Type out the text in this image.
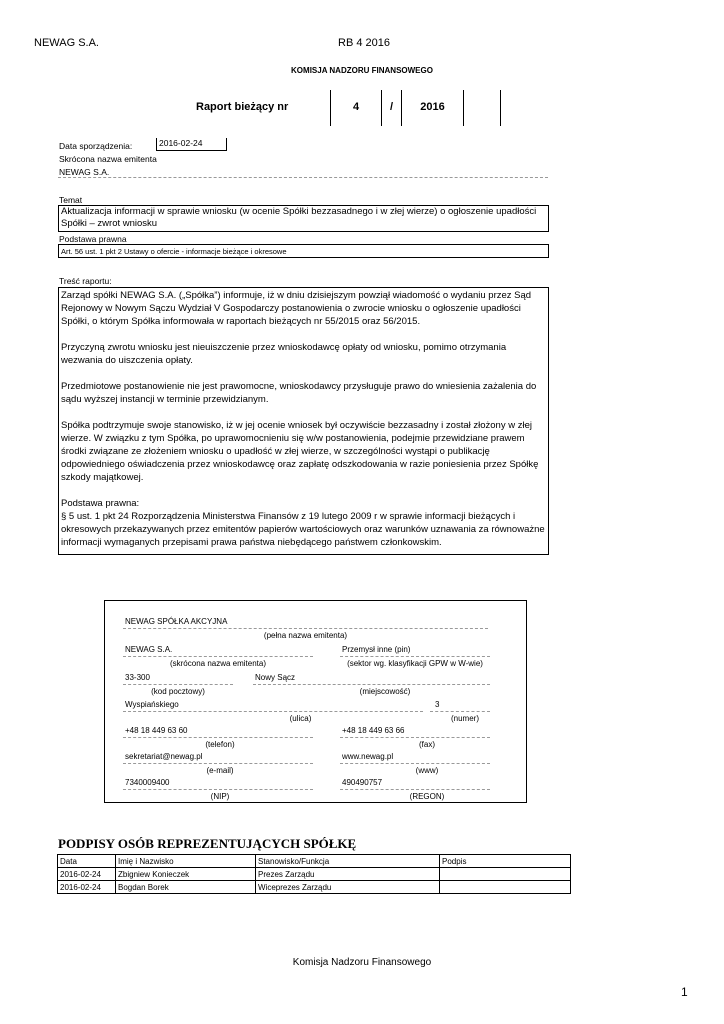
NEWAG S.A.	RB 4 2016
KOMISJA NADZORU FINANSOWEGO
Raport bieżący nr	4	/	2016
Data sporządzenia:	2016-02-24
Skrócona nazwa emitenta
NEWAG S.A.
Temat
Aktualizacja informacji w sprawie wniosku (w ocenie Spółki bezzasadnego i w złej wierze) o ogłoszenie upadłości Spółki – zwrot wniosku
Podstawa prawna
Art. 56 ust. 1 pkt 2 Ustawy o ofercie - informacje bieżące i okresowe
Treść raportu:

Zarząd spółki NEWAG S.A. („Spółka”) informuje, iż w dniu dzisiejszym powziął wiadomość o wydaniu przez Sąd Rejonowy w Nowym Sączu Wydział V Gospodarczy postanowienia o zwrocie wniosku o ogłoszenie upadłości Spółki, o którym Spółka informowała w raportach bieżących nr 55/2015 oraz 56/2015.

Przyczyną zwrotu wniosku jest nieuiszczenie przez wnioskodawcę opłaty od wniosku, pomimo otrzymania wezwania do uiszczenia opłaty.

Przedmiotowe postanowienie nie jest prawomocne, wnioskodawcy przysługuje prawo do wniesienia zażalenia do sądu wyższej instancji w terminie przewidzianym.

Spółka podtrzymuje swoje stanowisko, iż w jej ocenie wniosek był oczywiście bezzasadny i został złożony w złej wierze. W związku z tym Spółka, po uprawomocnieniu się w/w postanowienia, podejmie przewidziane prawem środki związane ze złożeniem wniosku o upadłość w złej wierze, w szczególności wystąpi o publikację odpowiedniego oświadczenia przez wnioskodawcę oraz zapłatę odszkodowania w razie poniesienia przez Spółkę szkody majątkowej.

Podstawa prawna:
§ 5 ust. 1 pkt 24 Rozporządzenia Ministerstwa Finansów z 19 lutego 2009 r w sprawie informacji bieżących i okresowych przekazywanych przez emitentów papierów wartościowych oraz warunków uznawania za równoważne informacji wymaganych przepisami prawa państwa niebędącego państwem członkowskim.

NEWAG SPÓŁKA AKCYJNA
(pełna nazwa emitenta)
NEWAG S.A.
(skrócona nazwa emitenta)
Przemysł inne (pin)
(sektor wg. klasyfikacji GPW w W-wie)
33-300
(kod pocztowy)
Nowy Sącz
(miejscowość)
Wyspiańskiego
(ulica)
3
(numer)
+48 18 449 63 60
(telefon)
+48 18 449 63 66
(fax)
sekretariat@newag.pl
(e-mail)
www.newag.pl
(www)
7340009400
(NIP)
490490757
(REGON)
PODPISY OSÓB REPREZENTUJĄCYCH SPÓŁKĘ
Data	Imię i Nazwisko	Stanowisko/Funkcja	Podpis
2016-02-24	Zbigniew Konieczek	Prezes Zarządu	
2016-02-24	Bogdan Borek	Wiceprezes Zarządu	
Komisja Nadzoru Finansowego
1
